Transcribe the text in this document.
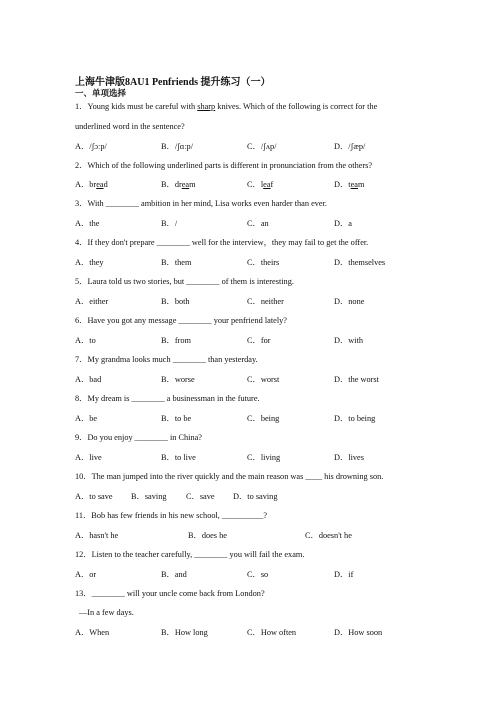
上海牛津版8AU1 Penfriends 提升练习（一）
一、单项选择
1．Young kids must be careful with sharp knives. Which of the following is correct for the
underlined word in the sentence?
A．/ʃɔːp/	B．/ʃɑːp/	C．/ʃʌp/	D．/ʃæp/
2．Which of the following underlined parts is different in pronunciation from the others?
A．bread	B．dream	C．leaf	D．team
3．With ________ ambition in her mind, Lisa works even harder than ever.
A．the	B．/	C．an	D．a
4．If they don't prepare ________ well for the interview，they may fail to get the offer.
A．they	B．them	C．theirs	D．themselves
5．Laura told us two stories, but ________ of them is interesting.
A．either	B．both	C．neither	D．none
6．Have you got any message ________ your penfriend lately?
A．to	B．from	C．for	D．with
7．My grandma looks much ________ than yesterday.
A．bad	B．worse	C．worst	D．the worst
8．My dream is ________ a businessman in the future.
A．be	B．to be	C．being	D．to being
9．Do you enjoy ________ in China?
A．live	B．to live	C．living	D．lives
10．The man jumped into the river quickly and the main reason was ____ his drowning son.
A．to save B．saving C．save D．to saving
11．Bob has few friends in his new school, __________?
A．hasn't he	B．does he	C．doesn't he
12．Listen to the teacher carefully, ________ you will fail the exam.
A．or	B．and	C．so	D．if
13．________ will your uncle come back from London?
—In a few days.
A．When	B．How long	C．How often	D．How soon
